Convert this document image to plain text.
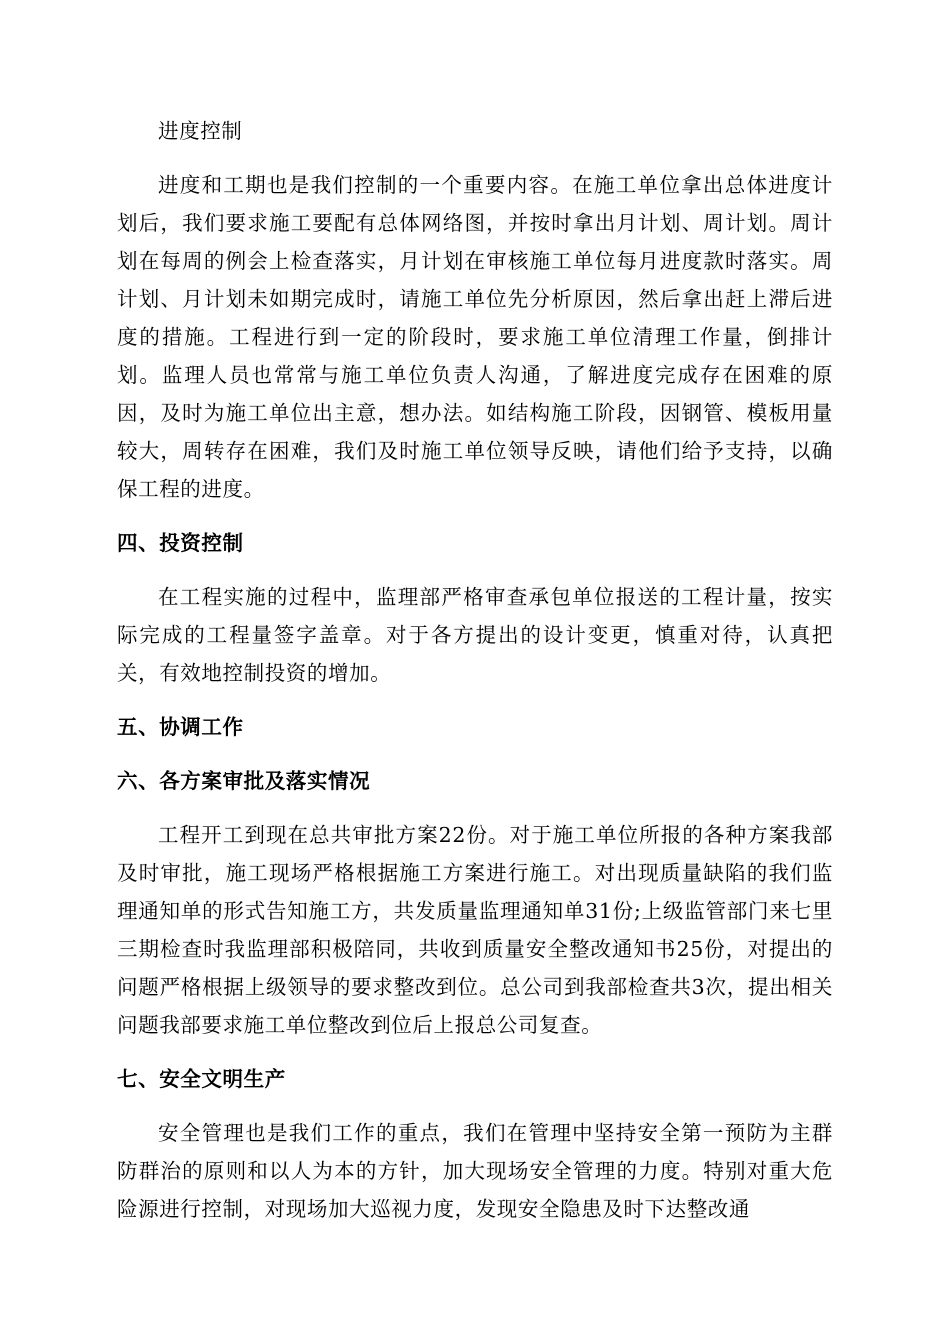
进度控制

进度和工期也是我们控制的一个重要内容。在施工单位拿出总体进度计划后，我们要求施工要配有总体网络图，并按时拿出月计划、周计划。周计划在每周的例会上检查落实，月计划在审核施工单位每月进度款时落实。周计划、月计划未如期完成时，请施工单位先分析原因，然后拿出赶上滞后进度的措施。工程进行到一定的阶段时，要求施工单位清理工作量，倒排计划。监理人员也常常与施工单位负责人沟通，了解进度完成存在困难的原因，及时为施工单位出主意，想办法。如结构施工阶段，因钢管、模板用量较大，周转存在困难，我们及时施工单位领导反映，请他们给予支持，以确保工程的进度。

四、投资控制

在工程实施的过程中，监理部严格审查承包单位报送的工程计量，按实际完成的工程量签字盖章。对于各方提出的设计变更，慎重对待，认真把关，有效地控制投资的增加。

五、协调工作

六、各方案审批及落实情况

工程开工到现在总共审批方案22份。对于施工单位所报的各种方案我部及时审批，施工现场严格根据施工方案进行施工。对出现质量缺陷的我们监理通知单的形式告知施工方，共发质量监理通知单31份;上级监管部门来七里三期检查时我监理部积极陪同，共收到质量安全整改通知书25份，对提出的问题严格根据上级领导的要求整改到位。总公司到我部检查共3次，提出相关问题我部要求施工单位整改到位后上报总公司复查。

七、安全文明生产

安全管理也是我们工作的重点，我们在管理中坚持安全第一预防为主群防群治的原则和以人为本的方针，加大现场安全管理的力度。特别对重大危险源进行控制，对现场加大巡视力度，发现安全隐患及时下达整改通
